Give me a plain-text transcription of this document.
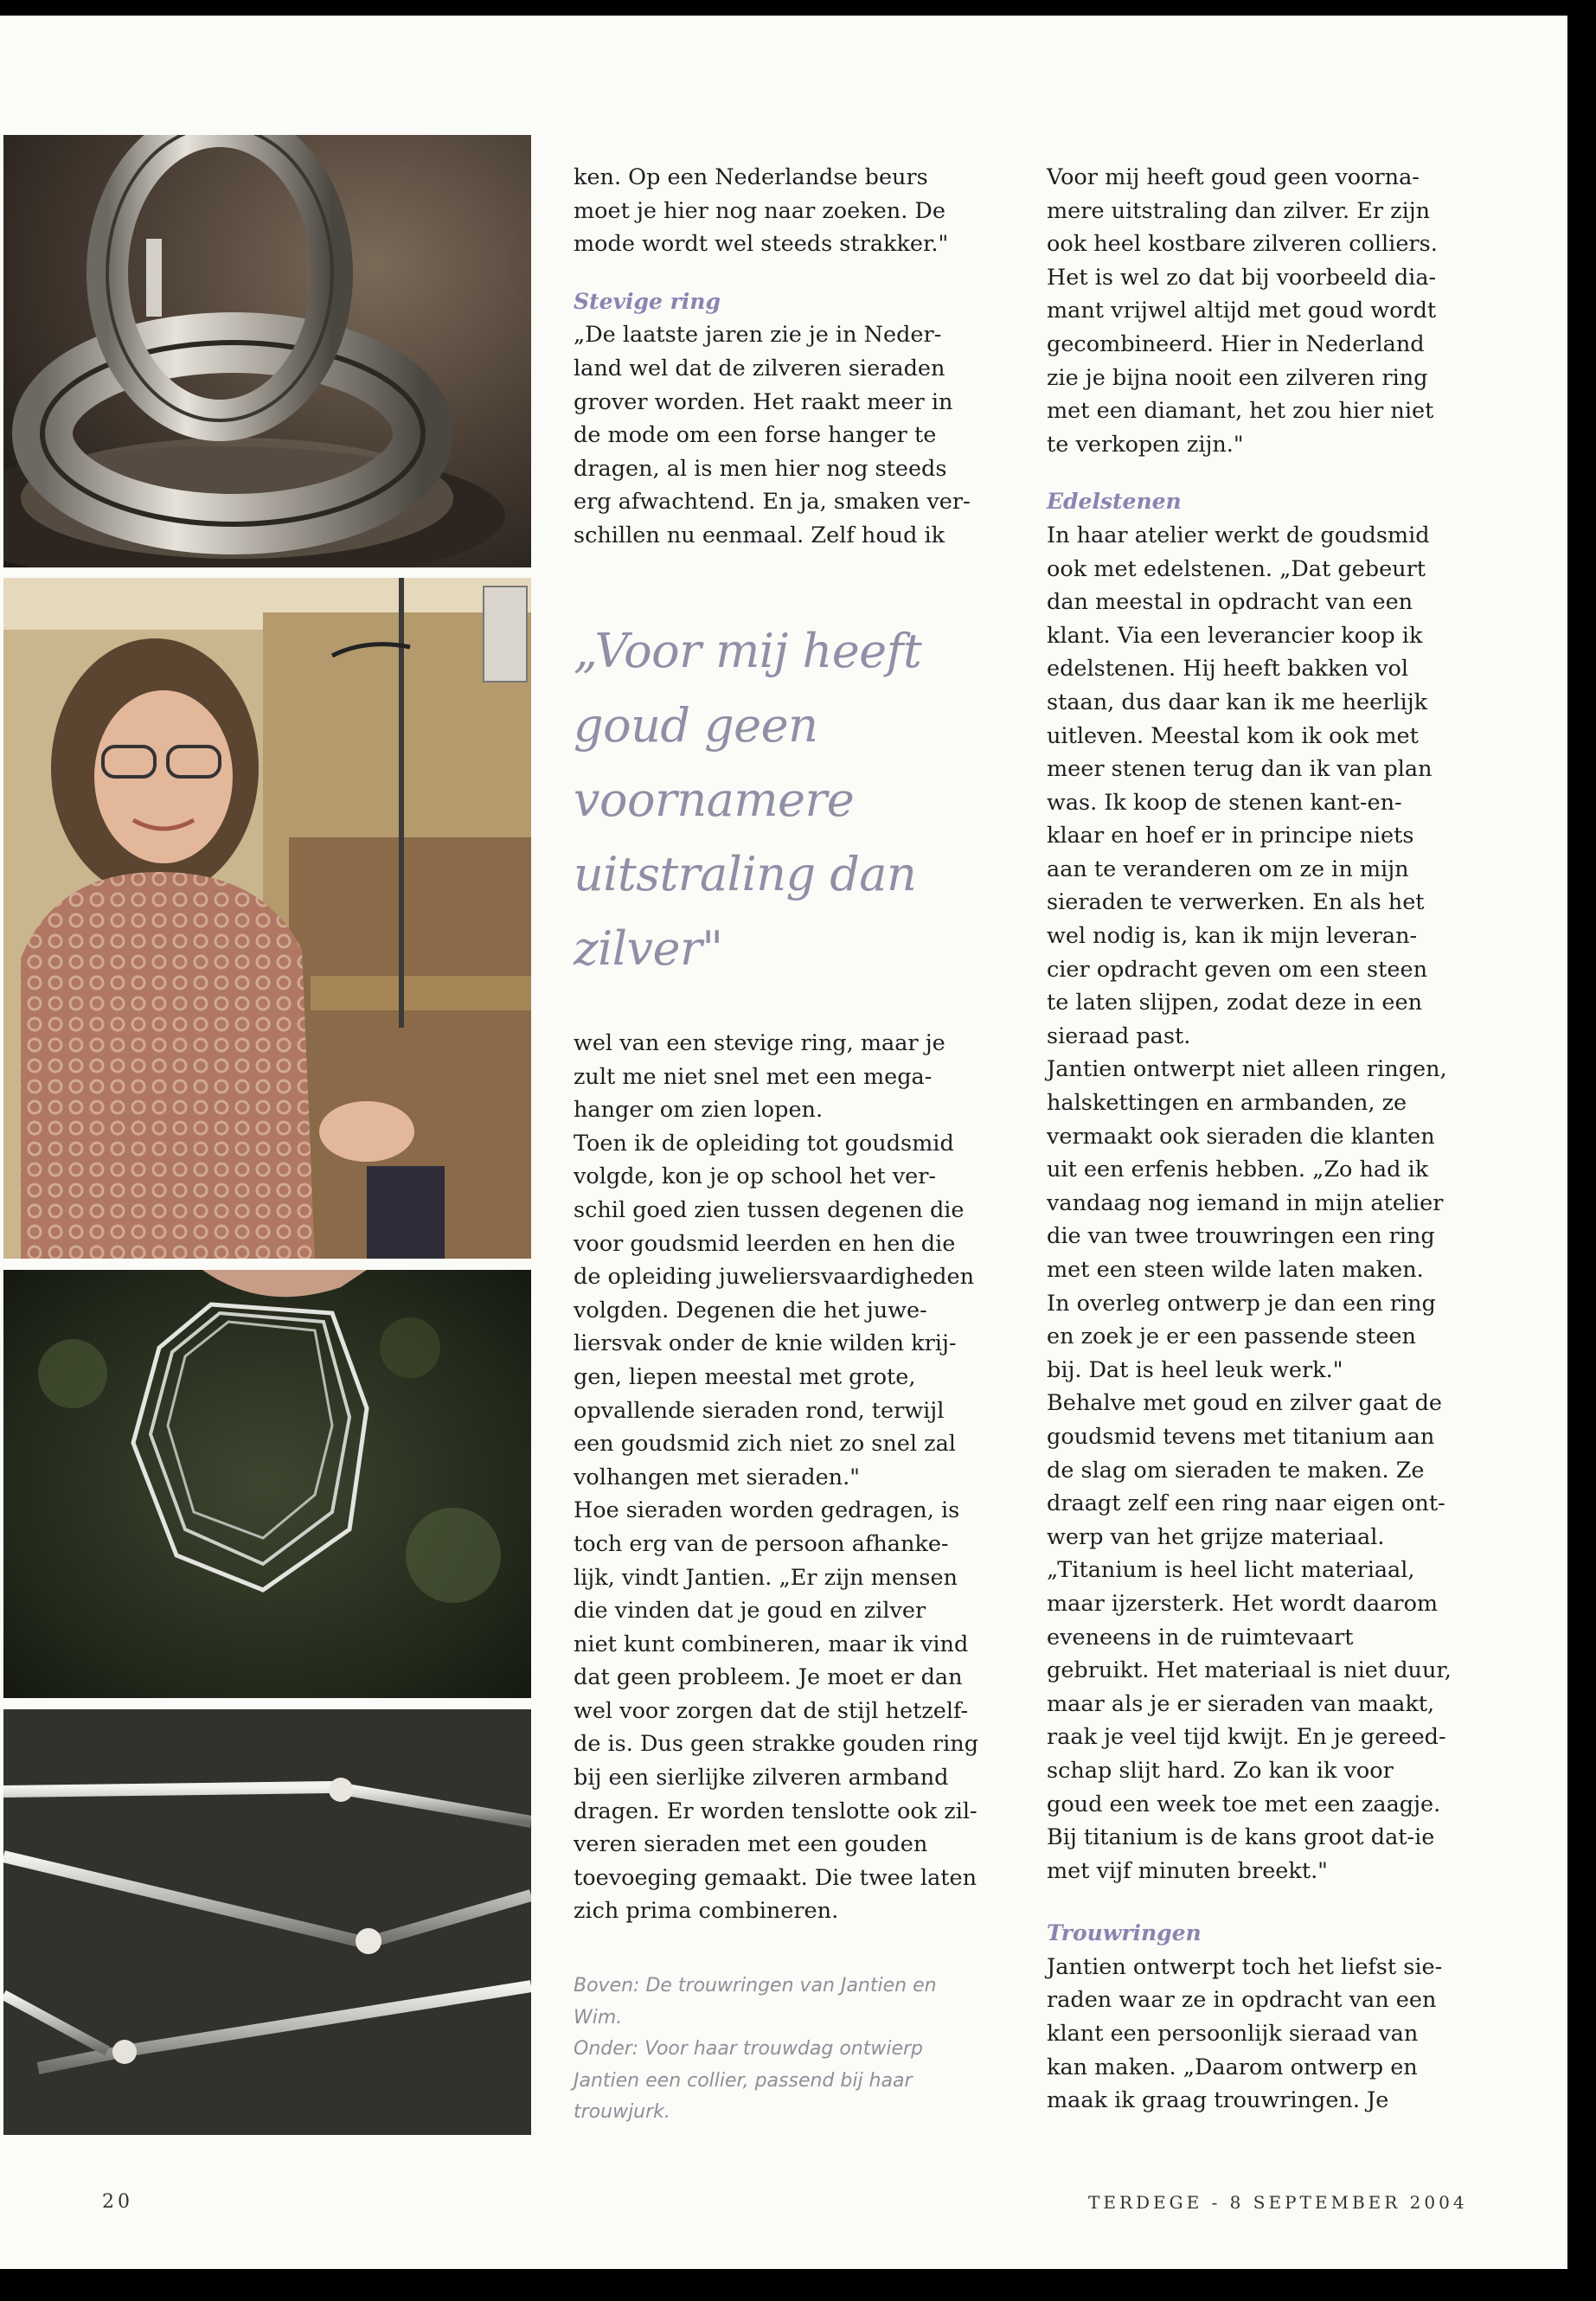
ken. Op een Nederlandse beurs
moet je hier nog naar zoeken. De
mode wordt wel steeds strakker."

Stevige ring

„De laatste jaren zie je in Neder-
land wel dat de zilveren sieraden
grover worden. Het raakt meer in
de mode om een forse hanger te
dragen, al is men hier nog steeds
erg afwachtend. En ja, smaken ver-
schillen nu eenmaal. Zelf houd ik

„Voor mij heeft
goud geen
voornamere
uitstraling dan
zilver"

wel van een stevige ring, maar je
zult me niet snel met een mega-
hanger om zien lopen.
Toen ik de opleiding tot goudsmid
volgde, kon je op school het ver-
schil goed zien tussen degenen die
voor goudsmid leerden en hen die
de opleiding juweliersvaardigheden
volgden. Degenen die het juwe-
liersvak onder de knie wilden krij-
gen, liepen meestal met grote,
opvallende sieraden rond, terwijl
een goudsmid zich niet zo snel zal
volhangen met sieraden."
Hoe sieraden worden gedragen, is
toch erg van de persoon afhanke-
lijk, vindt Jantien. „Er zijn mensen
die vinden dat je goud en zilver
niet kunt combineren, maar ik vind
dat geen probleem. Je moet er dan
wel voor zorgen dat de stijl hetzelf-
de is. Dus geen strakke gouden ring
bij een sierlijke zilveren armband
dragen. Er worden tenslotte ook zil-
veren sieraden met een gouden
toevoeging gemaakt. Die twee laten
zich prima combineren.

Boven: De trouwringen van Jantien en
Wim.

Onder: Voor haar trouwdag ontwierp
Jantien een collier, passend bij haar
trouwjurk.

Voor mij heeft goud geen voorna-
mere uitstraling dan zilver. Er zijn
ook heel kostbare zilveren colliers.
Het is wel zo dat bij voorbeeld dia-
mant vrijwel altijd met goud wordt
gecombineerd. Hier in Nederland
zie je bijna nooit een zilveren ring
met een diamant, het zou hier niet
te verkopen zijn."

Edelstenen

In haar atelier werkt de goudsmid
ook met edelstenen. „Dat gebeurt
dan meestal in opdracht van een
klant. Via een leverancier koop ik
edelstenen. Hij heeft bakken vol
staan, dus daar kan ik me heerlijk
uitleven. Meestal kom ik ook met
meer stenen terug dan ik van plan
was. Ik koop de stenen kant-en-
klaar en hoef er in principe niets
aan te veranderen om ze in mijn
sieraden te verwerken. En als het
wel nodig is, kan ik mijn leveran-
cier opdracht geven om een steen
te laten slijpen, zodat deze in een
sieraad past.
Jantien ontwerpt niet alleen ringen,
halskettingen en armbanden, ze
vermaakt ook sieraden die klanten
uit een erfenis hebben. „Zo had ik
vandaag nog iemand in mijn atelier
die van twee trouwringen een ring
met een steen wilde laten maken.
In overleg ontwerp je dan een ring
en zoek je er een passende steen
bij. Dat is heel leuk werk."
Behalve met goud en zilver gaat de
goudsmid tevens met titanium aan
de slag om sieraden te maken. Ze
draagt zelf een ring naar eigen ont-
werp van het grijze materiaal.
„Titanium is heel licht materiaal,
maar ijzersterk. Het wordt daarom
eveneens in de ruimtevaart
gebruikt. Het materiaal is niet duur,
maar als je er sieraden van maakt,
raak je veel tijd kwijt. En je gereed-
schap slijt hard. Zo kan ik voor
goud een week toe met een zaagje.
Bij titanium is de kans groot dat-ie
met vijf minuten breekt."

Trouwringen

Jantien ontwerpt toch het liefst sie-
raden waar ze in opdracht van een
klant een persoonlijk sieraad van
kan maken. „Daarom ontwerp en
maak ik graag trouwringen. Je

20	TERDEGE - 8 SEPTEMBER 2004
